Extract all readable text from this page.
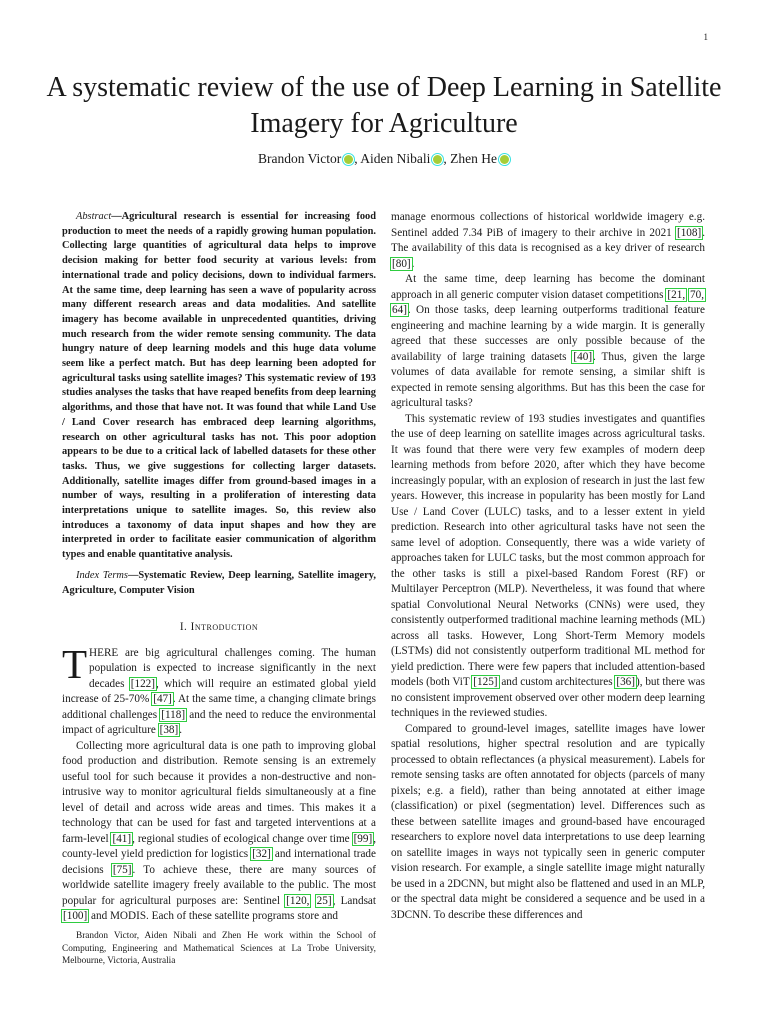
1
A systematic review of the use of Deep Learning in Satellite Imagery for Agriculture
Brandon Victor , Aiden Nibali , Zhen He

Abstract—Agricultural research is essential for increasing food production to meet the needs of a rapidly growing human population. Collecting large quantities of agricultural data helps to improve decision making for better food security at various levels: from international trade and policy decisions, down to individual farmers. At the same time, deep learning has seen a wave of popularity across many different research areas and data modalities. And satellite imagery has become available in unprecedented quantities, driving much research from the wider remote sensing community. The data hungry nature of deep learning models and this huge data volume seem like a perfect match. But has deep learning been adopted for agricultural tasks using satellite images? This systematic review of 193 studies analyses the tasks that have reaped benefits from deep learning algorithms, and those that have not. It was found that while Land Use / Land Cover research has embraced deep learning algorithms, research on other agricultural tasks has not. This poor adoption appears to be due to a critical lack of labelled datasets for these other tasks. Thus, we give suggestions for collecting larger datasets. Additionally, satellite images differ from ground-based images in a number of ways, resulting in a proliferation of interesting data interpretations unique to satellite images. So, this review also introduces a taxonomy of data input shapes and how they are interpreted in order to facilitate easier communication of algorithm types and enable quantitative analysis.

Index Terms—Systematic Review, Deep learning, Satellite imagery, Agriculture, Computer Vision

I. Introduction

THERE are big agricultural challenges coming. The human population is expected to increase significantly in the next decades [122], which will require an estimated global yield increase of 25-70% [47]. At the same time, a changing climate brings additional challenges [118] and the need to reduce the environmental impact of agriculture [38].

Collecting more agricultural data is one path to improving global food production and distribution. Remote sensing is an extremely useful tool for such because it provides a non-destructive and non-intrusive way to monitor agricultural fields simultaneously at a fine level of detail and across wide areas and times. This makes it a technology that can be used for fast and targeted interventions at a farm-level [41], regional studies of ecological change over time [99], county-level yield prediction for logistics [32] and international trade decisions [75]. To achieve these, there are many sources of worldwide satellite imagery freely available to the public. The most popular for agricultural purposes are: Sentinel [120, 25], Landsat [100] and MODIS. Each of these satellite programs store and

Brandon Victor, Aiden Nibali and Zhen He work within the School of Computing, Engineering and Mathematical Sciences at La Trobe University, Melbourne, Victoria, Australia

manage enormous collections of historical worldwide imagery e.g. Sentinel added 7.34 PiB of imagery to their archive in 2021 [108]. The availability of this data is recognised as a key driver of research [80].

At the same time, deep learning has become the dominant approach in all generic computer vision dataset competitions [21, 70, 64]. On those tasks, deep learning outperforms traditional feature engineering and machine learning by a wide margin. It is generally agreed that these successes are only possible because of the availability of large training datasets [40]. Thus, given the large volumes of data available for remote sensing, a similar shift is expected in remote sensing algorithms. But has this been the case for agricultural tasks?

This systematic review of 193 studies investigates and quantifies the use of deep learning on satellite images across agricultural tasks. It was found that there were very few examples of modern deep learning methods from before 2020, after which they have become increasingly popular, with an explosion of research in just the last few years. However, this increase in popularity has been mostly for Land Use / Land Cover (LULC) tasks, and to a lesser extent in yield prediction. Research into other agricultural tasks have not seen the same level of adoption. Consequently, there was a wide variety of approaches taken for LULC tasks, but the most common approach for the other tasks is still a pixel-based Random Forest (RF) or Multilayer Perceptron (MLP). Nevertheless, it was found that where spatial Convolutional Neural Networks (CNNs) were used, they consistently outperformed traditional machine learning methods (ML) across all tasks. However, Long Short-Term Memory models (LSTMs) did not consistently outperform traditional ML method for yield prediction. There were few papers that included attention-based models (both ViT [125] and custom architectures [36]), but there was no consistent improvement observed over other modern deep learning techniques in the reviewed studies.

Compared to ground-level images, satellite images have lower spatial resolutions, higher spectral resolution and are typically processed to obtain reflectances (a physical measurement). Labels for remote sensing tasks are often annotated for objects (parcels of many pixels; e.g. a field), rather than being annotated at either image (classification) or pixel (segmentation) level. Differences such as these between satellite images and ground-based have encouraged researchers to explore novel data interpretations to use deep learning on satellite images in ways not typically seen in generic computer vision research. For example, a single satellite image might naturally be used in a 2DCNN, but might also be flattened and used in an MLP, or the spectral data might be considered a sequence and be used in a 3DCNN. To describe these differences and
